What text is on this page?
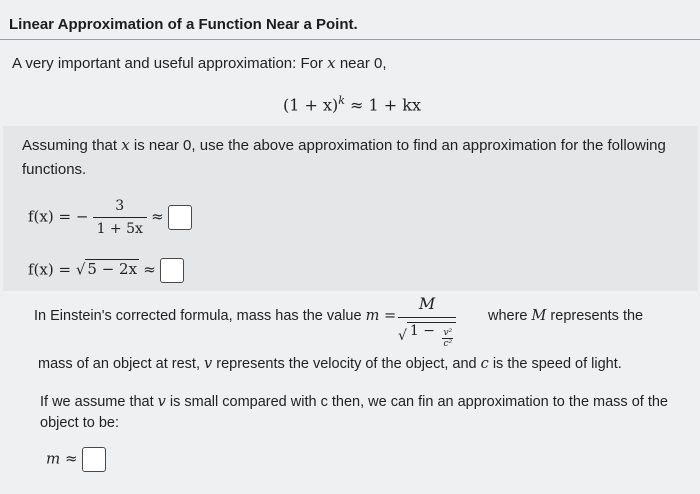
Linear Approximation of a Function Near a Point.
A very important and useful approximation: For x near 0,
$(1 + x)^k \approx 1$ + kx
Assuming that x is near 0, use the above approximation to find an approximation for the following functions.
f(x) = − $\frac{3}{1 + 5x}$ ≈
f(x) = √ 5 − 2x ≈
In Einstein's corrected formula, mass has the value $m = \frac{M}{√ 1 - \frac{\text{v²}}{\text{c²}}}$ where M represents the
mass of an object at rest, v represents the velocity of the object, and c is the speed of light.
If we assume that v is small compared with c then, we can fin an approximation to the mass of the object to be:
m ≈
